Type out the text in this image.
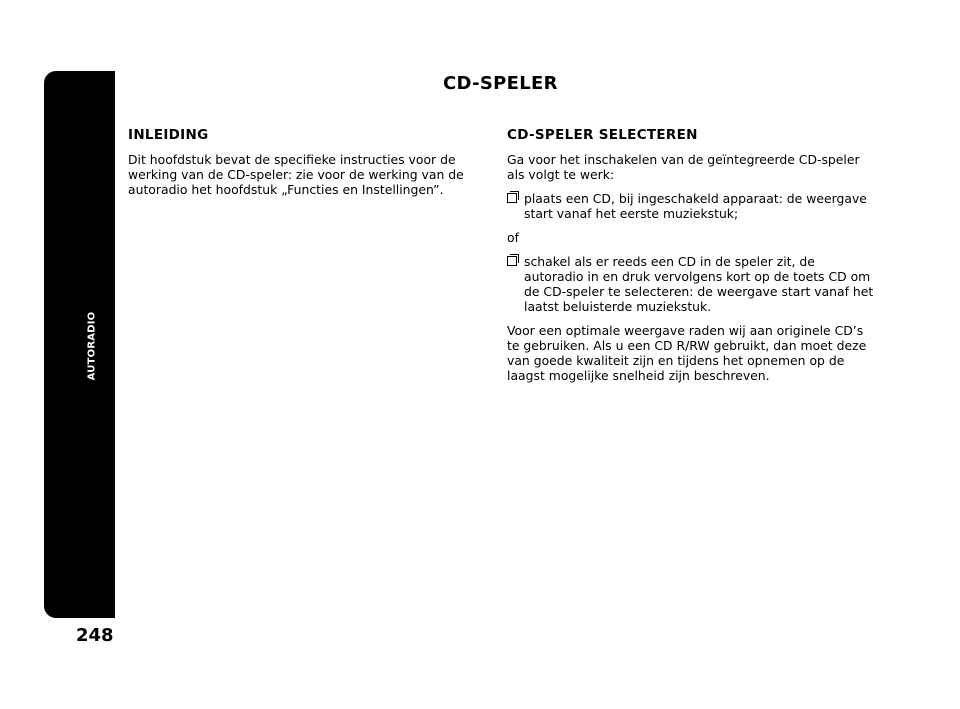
AUTORADIO
248
CD-SPELER
INLEIDING
Dit hoofdstuk bevat de specifieke instructies voor de werking van de CD-speler: zie voor de werking van de autoradio het hoofdstuk „Functies en Instellingen”.
CD-SPELER SELECTEREN
Ga voor het inschakelen van de geïntegreerde CD-speler als volgt te werk:
plaats een CD, bij ingeschakeld apparaat: de weergave start vanaf het eerste muziekstuk;
of
schakel als er reeds een CD in de speler zit, de autoradio in en druk vervolgens kort op de toets CD om de CD-speler te selecteren: de weergave start vanaf het laatst beluisterde muziekstuk.
Voor een optimale weergave raden wij aan originele CD’s te gebruiken. Als u een CD R/RW gebruikt, dan moet deze van goede kwaliteit zijn en tijdens het opnemen op de laagst mogelijke snelheid zijn beschreven.
